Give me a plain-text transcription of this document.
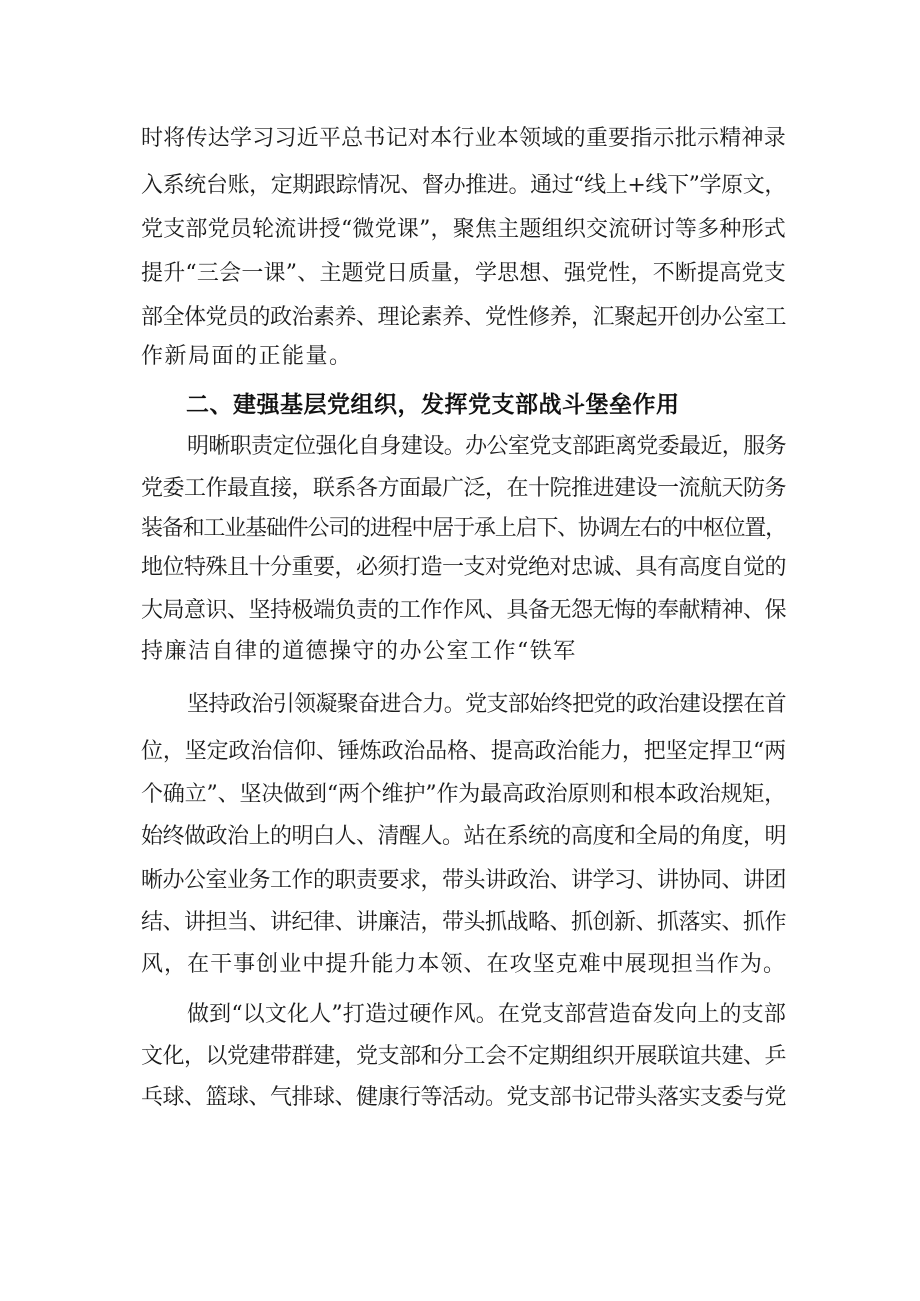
时将传达学习习近平总书记对本行业本领域的重要指示批示精神录
入系统台账，定期跟踪情况、督办推进。通过“线上+线下”学原文，
党支部党员轮流讲授“微党课”，聚焦主题组织交流研讨等多种形式
提升“三会一课”、主题党日质量，学思想、强党性，不断提高党支
部全体党员的政治素养、理论素养、党性修养，汇聚起开创办公室工
作新局面的正能量。
二、建强基层党组织，发挥党支部战斗堡垒作用
明晰职责定位强化自身建设。办公室党支部距离党委最近，服务
党委工作最直接，联系各方面最广泛，在十院推进建设一流航天防务
装备和工业基础件公司的进程中居于承上启下、协调左右的中枢位置，
地位特殊且十分重要，必须打造一支对党绝对忠诚、具有高度自觉的
大局意识、坚持极端负责的工作作风、具备无怨无悔的奉献精神、保
持廉洁自律的道德操守的办公室工作“铁军
坚持政治引领凝聚奋进合力。党支部始终把党的政治建设摆在首
位，坚定政治信仰、锤炼政治品格、提高政治能力，把坚定捍卫“两
个确立”、坚决做到“两个维护”作为最高政治原则和根本政治规矩，
始终做政治上的明白人、清醒人。站在系统的高度和全局的角度，明
晰办公室业务工作的职责要求，带头讲政治、讲学习、讲协同、讲团
结、讲担当、讲纪律、讲廉洁，带头抓战略、抓创新、抓落实、抓作
风，在干事创业中提升能力本领、在攻坚克难中展现担当作为。
做到“以文化人”打造过硬作风。在党支部营造奋发向上的支部
文化，以党建带群建，党支部和分工会不定期组织开展联谊共建、乒
乓球、篮球、气排球、健康行等活动。党支部书记带头落实支委与党
